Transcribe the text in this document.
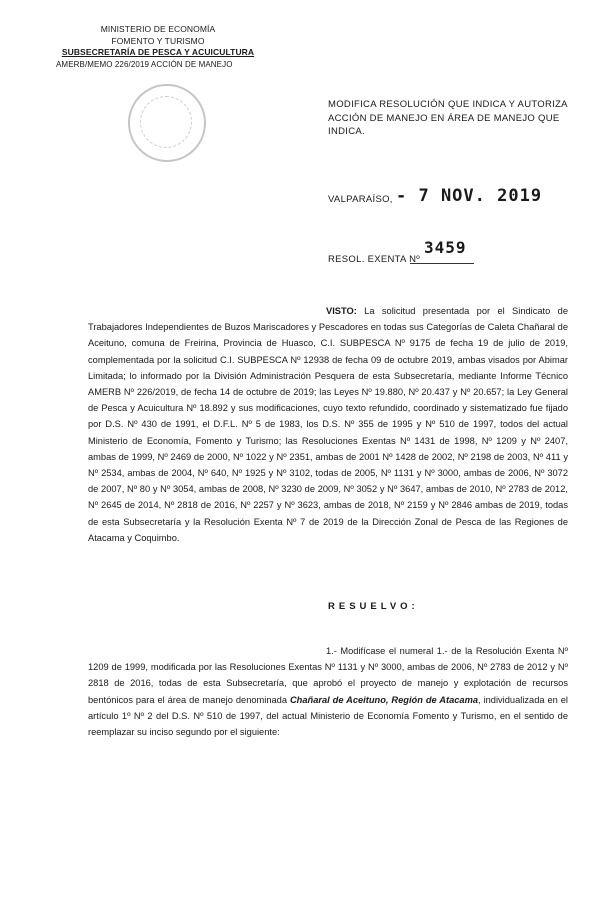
MINISTERIO DE ECONOMÍA
FOMENTO Y TURISMO
SUBSECRETARÍA DE PESCA Y ACUICULTURA
AMERB/MEMO 226/2019 ACCIÓN DE MANEJO
MODIFICA RESOLUCIÓN QUE INDICA Y AUTORIZA ACCIÓN DE MANEJO EN ÁREA DE MANEJO QUE INDICA.
VALPARAÍSO, - 7 NOV. 2019
RESOL. EXENTA Nº
3459
VISTO: La solicitud presentada por el Sindicato de Trabajadores Independientes de Buzos Mariscadores y Pescadores en todas sus Categorías de Caleta Chañaral de Aceituno, comuna de Freirina, Provincia de Huasco, C.I. SUBPESCA Nº 9175 de fecha 19 de julio de 2019, complementada por la solicitud C.I. SUBPESCA Nº 12938 de fecha 09 de octubre 2019, ambas visados por Abimar Limitada; lo informado por la División Administración Pesquera de esta Subsecretaría, mediante Informe Técnico AMERB Nº 226/2019, de fecha 14 de octubre de 2019; las Leyes Nº 19.880, Nº 20.437 y Nº 20.657; la Ley General de Pesca y Acuicultura Nº 18.892 y sus modificaciones, cuyo texto refundido, coordinado y sistematizado fue fijado por D.S. Nº 430 de 1991, el D.F.L. Nº 5 de 1983, los D.S. Nº 355 de 1995 y Nº 510 de 1997, todos del actual Ministerio de Economía, Fomento y Turismo; las Resoluciones Exentas Nº 1431 de 1998, Nº 1209 y Nº 2407, ambas de 1999, Nº 2469 de 2000, Nº 1022 y Nº 2351, ambas de 2001 Nº 1428 de 2002, Nº 2198 de 2003, Nº 411 y Nº 2534, ambas de 2004, Nº 640, Nº 1925 y Nº 3102, todas de 2005, Nº 1131 y Nº 3000, ambas de 2006, Nº 3072 de 2007, Nº 80 y Nº 3054, ambas de 2008, Nº 3230 de 2009, Nº 3052 y Nº 3647, ambas de 2010, Nº 2783 de 2012, Nº 2645 de 2014, Nº 2818 de 2016, Nº 2257 y Nº 3623, ambas de 2018, Nº 2159 y Nº 2846 ambas de 2019, todas de esta Subsecretaría y la Resolución Exenta Nº 7 de 2019 de la Dirección Zonal de Pesca de las Regiones de Atacama y Coquimbo.
RESUELVO:
1.- Modifícase el numeral 1.- de la Resolución Exenta Nº 1209 de 1999, modificada por las Resoluciones Exentas Nº 1131 y Nº 3000, ambas de 2006, Nº 2783 de 2012 y Nº 2818 de 2016, todas de esta Subsecretaría, que aprobó el proyecto de manejo y explotación de recursos bentónicos para el área de manejo denominada Chañaral de Aceituno, Región de Atacama, individualizada en el artículo 1º Nº 2 del D.S. Nº 510 de 1997, del actual Ministerio de Economía Fomento y Turismo, en el sentido de reemplazar su inciso segundo por el siguiente:
